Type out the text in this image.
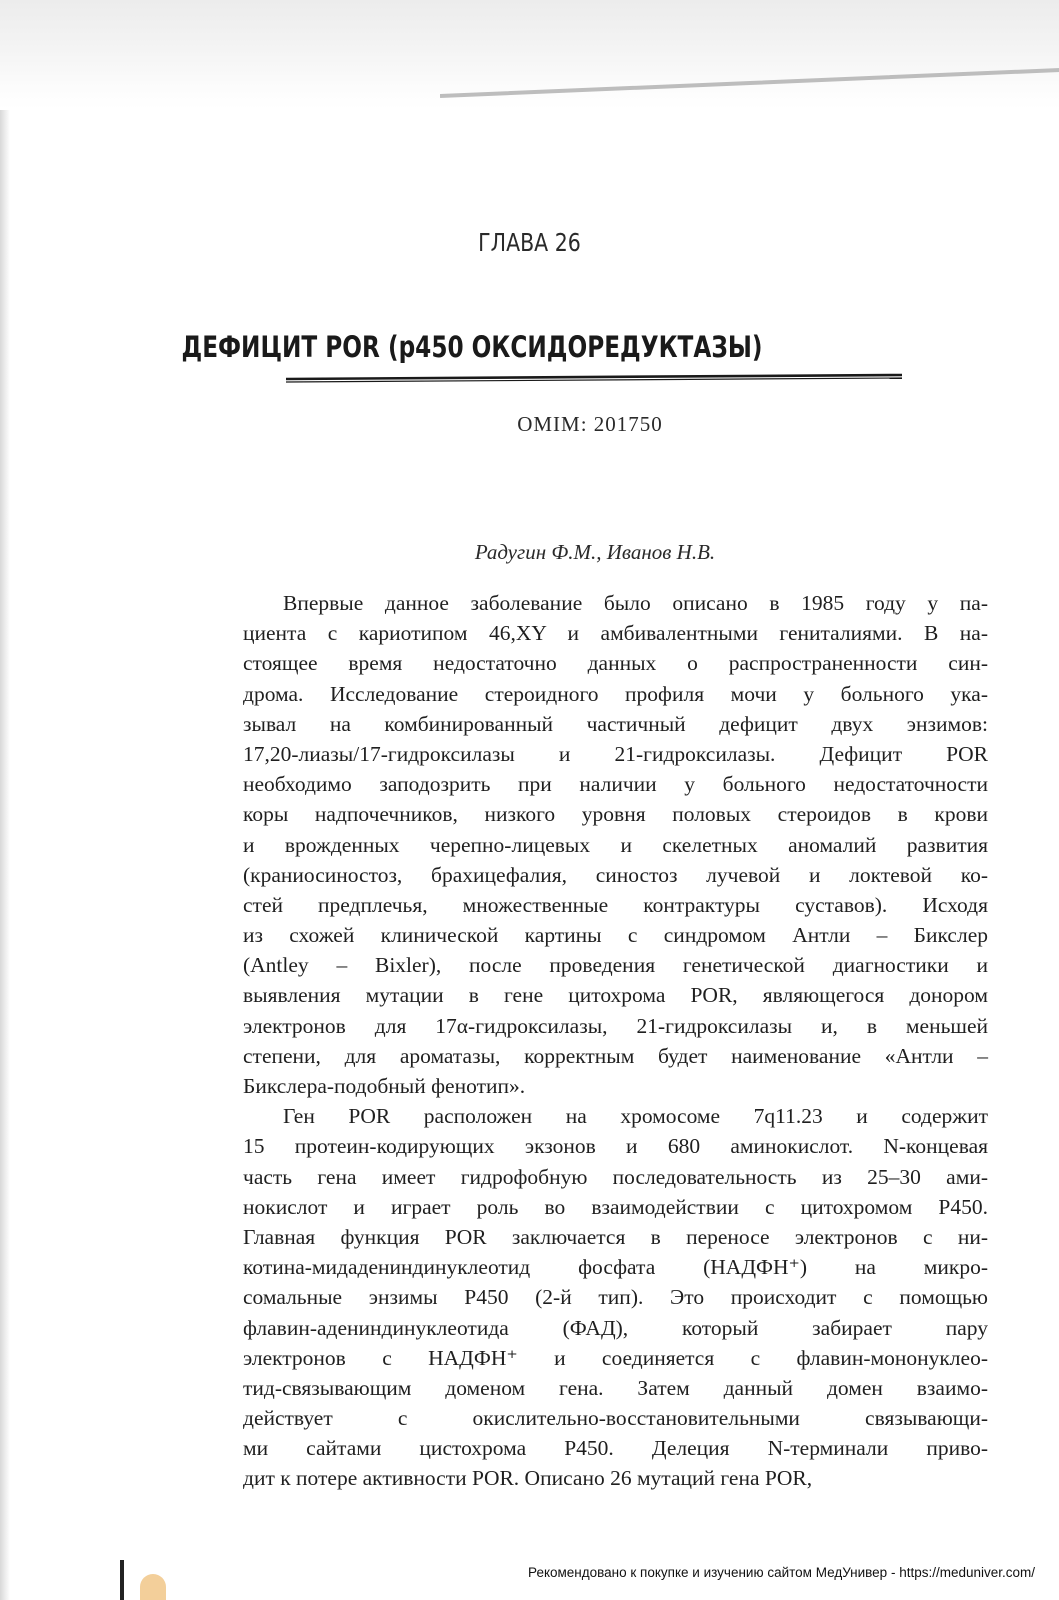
ГЛАВА 26
ДЕФИЦИТ POR (p450 ОКСИДОРЕДУКТАЗЫ)
OMIM: 201750
Радугин Ф.М., Иванов Н.В.
Впервые данное заболевание было описано в 1985 году у па-
циента с кариотипом 46,XY и амбивалентными гениталиями. В на-
стоящее время недостаточно данных о распространенности син-
дрома. Исследование стероидного профиля мочи у больного ука-
зывал на комбинированный частичный дефицит двух энзимов:
17,20-лиазы/17-гидроксилазы и 21-гидроксилазы. Дефицит POR
необходимо заподозрить при наличии у больного недостаточности
коры надпочечников, низкого уровня половых стероидов в крови
и врожденных черепно-лицевых и скелетных аномалий развития
(краниосиностоз, брахицефалия, синостоз лучевой и локтевой ко-
стей предплечья, множественные контрактуры суставов). Исходя
из схожей клинической картины с синдромом Антли – Бикслер
(Antley – Bixler), после проведения генетической диагностики и
выявления мутации в гене цитохрома POR, являющегося донором
электронов для 17α-гидроксилазы, 21-гидроксилазы и, в меньшей
степени, для ароматазы, корректным будет наименование «Антли –
Бикслера-подобный фенотип».
Ген POR расположен на хромосоме 7q11.23 и содержит
15 протеин-кодирующих экзонов и 680 аминокислот. N-концевая
часть гена имеет гидрофобную последовательность из 25–30 ами-
нокислот и играет роль во взаимодействии с цитохромом P450.
Главная функция POR заключается в переносе электронов с ни-
котина-мидадениндинуклеотид фосфата (НАДФН⁺) на микро-
сомальные энзимы P450 (2-й тип). Это происходит с помощью
флавин-адениндинуклеотида (ФАД), который забирает пару
электронов с НАДФН⁺ и соединяется с флавин-мононуклео-
тид-связывающим доменом гена. Затем данный домен взаимо-
действует с окислительно-восстановительными связывающи-
ми сайтами цистохрома P450. Делеция N-терминали приво-
дит к потере активности POR. Описано 26 мутаций гена POR,
Рекомендовано к покупке и изучению сайтом МедУнивер - https://meduniver.com/
